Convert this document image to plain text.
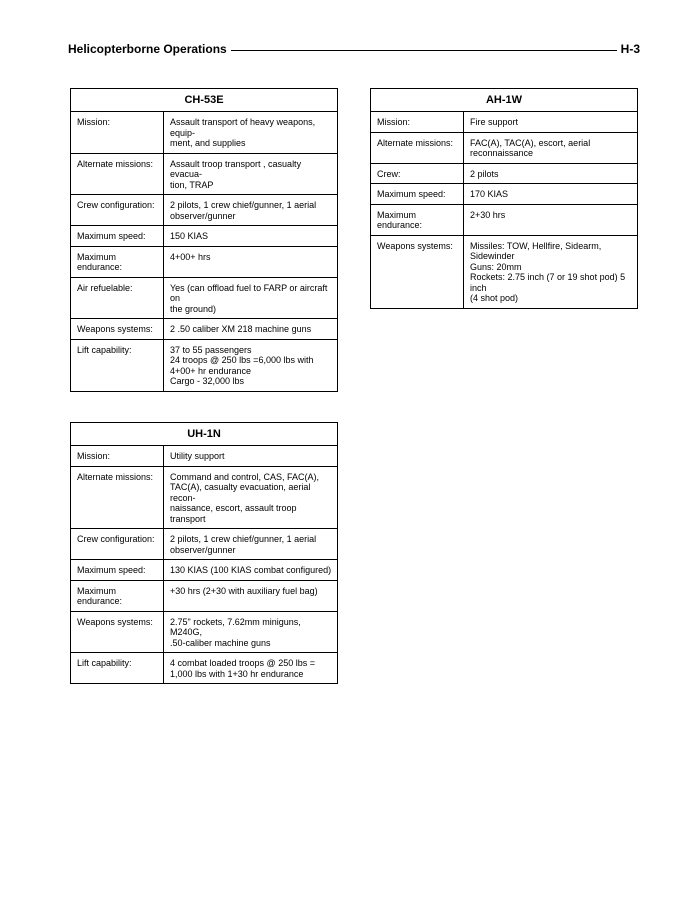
Helicopterborne Operations	H-3
CH-53E	
Mission:	Assault transport of heavy weapons, equip-
ment, and supplies
Alternate missions:	Assault troop transport , casualty evacua-
tion, TRAP
Crew configuration:	2 pilots, 1 crew chief/gunner, 1 aerial
observer/gunner
Maximum speed:	150 KIAS
Maximum endurance:	4+00+ hrs
Air refuelable:	Yes (can offload fuel to FARP or aircraft on
the ground)
Weapons systems:	2 .50 caliber XM 218 machine guns
Lift capability:	37 to 55 passengers
24 troops @ 250 lbs =6,000 lbs with
4+00+ hr endurance
Cargo - 32,000 lbs
AH-1W	
Mission:	Fire support
Alternate missions:	FAC(A), TAC(A), escort, aerial
reconnaissance
Crew:	2 pilots
Maximum speed:	170 KIAS
Maximum endurance:	2+30 hrs
Weapons systems:	Missiles: TOW, Hellfire, Sidearm, Sidewinder
Guns: 20mm
Rockets: 2.75 inch (7 or 19 shot pod) 5 inch
(4 shot pod)
UH-1N	
Mission:	Utility support
Alternate missions:	Command and control, CAS, FAC(A),
TAC(A), casualty evacuation, aerial recon-
naissance, escort, assault troop transport
Crew configuration:	2 pilots, 1 crew chief/gunner, 1 aerial
observer/gunner
Maximum speed:	130 KIAS (100 KIAS combat configured)
Maximum endurance:	+30 hrs (2+30 with auxiliary fuel bag)
Weapons systems:	2.75" rockets, 7.62mm miniguns, M240G,
.50-caliber machine guns
Lift capability:	4 combat loaded troops @ 250 lbs =
1,000 lbs with 1+30 hr endurance
